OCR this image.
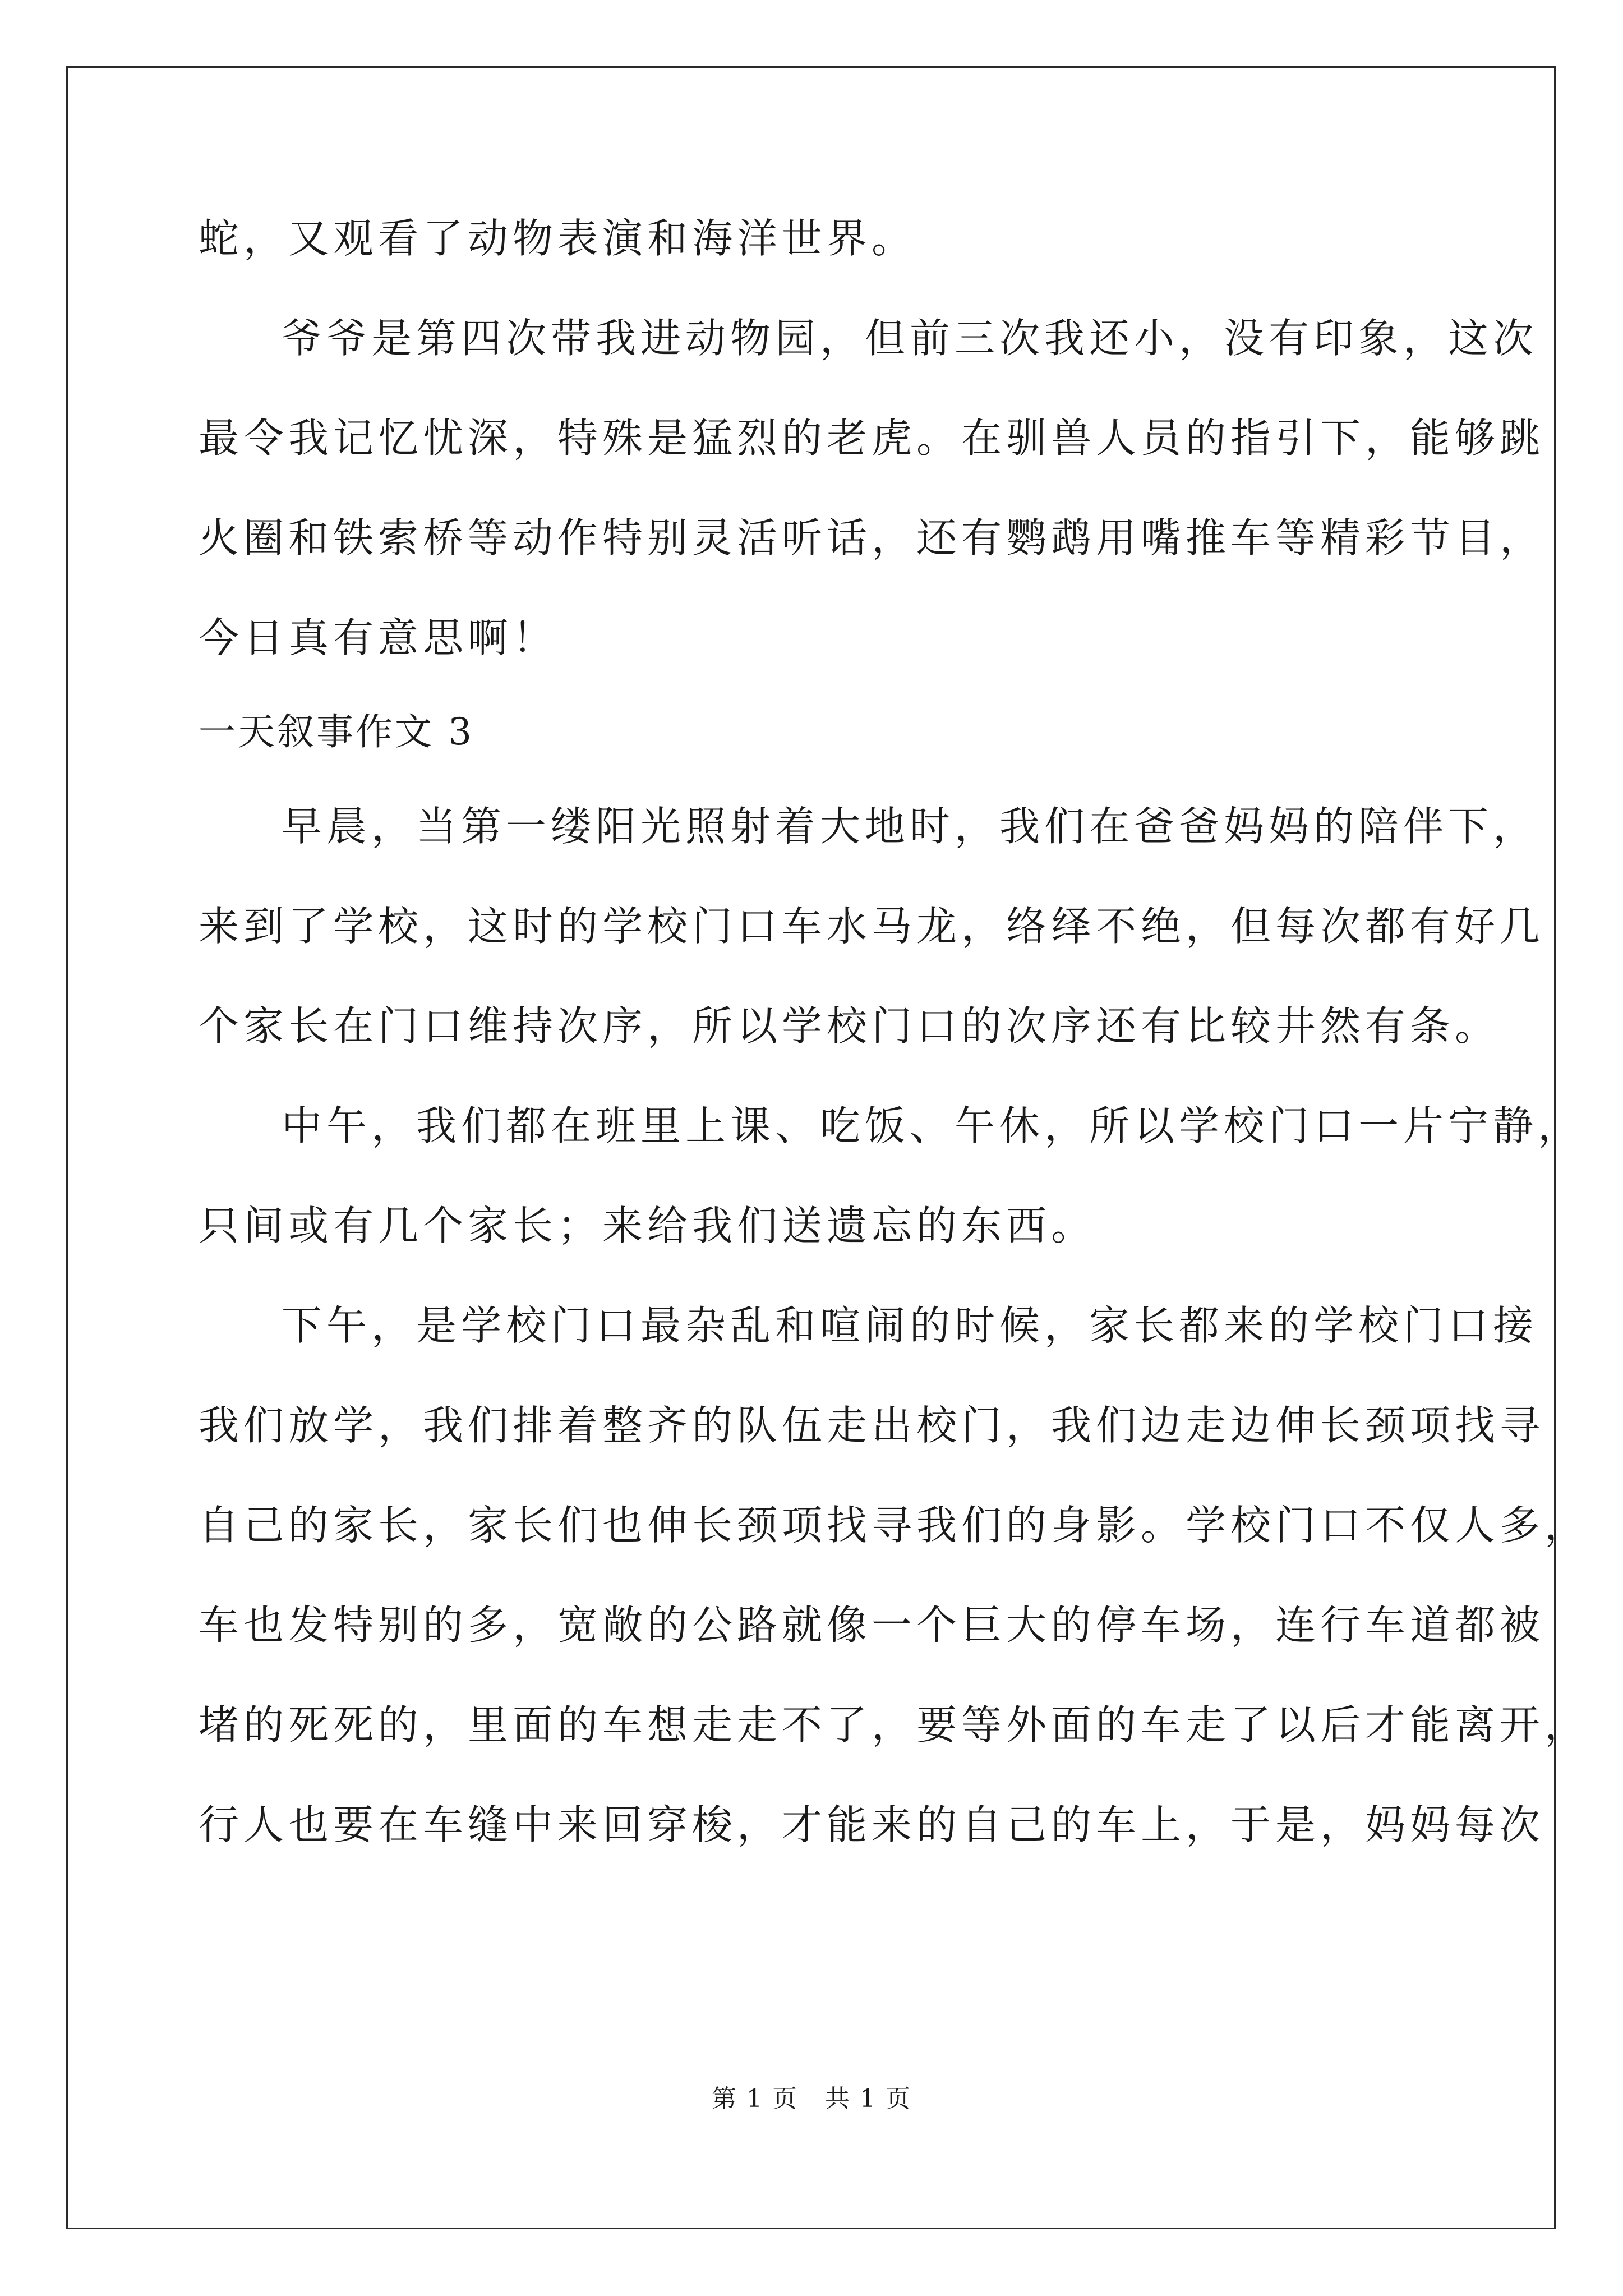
蛇，又观看了动物表演和海洋世界。
爷爷是第四次带我进动物园，但前三次我还小，没有印象，这次
最令我记忆忧深，特殊是猛烈的老虎。在驯兽人员的指引下，能够跳
火圈和铁索桥等动作特别灵活听话，还有鹦鹉用嘴推车等精彩节目，
今日真有意思啊！
一天叙事作文 3
早晨，当第一缕阳光照射着大地时，我们在爸爸妈妈的陪伴下，
来到了学校，这时的学校门口车水马龙，络绎不绝，但每次都有好几
个家长在门口维持次序，所以学校门口的次序还有比较井然有条。
中午，我们都在班里上课、吃饭、午休，所以学校门口一片宁静，
只间或有几个家长；来给我们送遗忘的东西。
下午，是学校门口最杂乱和喧闹的时候，家长都来的学校门口接
我们放学，我们排着整齐的队伍走出校门，我们边走边伸长颈项找寻
自己的家长，家长们也伸长颈项找寻我们的身影。学校门口不仅人多，
车也发特别的多，宽敞的公路就像一个巨大的停车场，连行车道都被
堵的死死的，里面的车想走走不了，要等外面的车走了以后才能离开，
行人也要在车缝中来回穿梭，才能来的自己的车上，于是，妈妈每次
第 1 页 共 1 页
